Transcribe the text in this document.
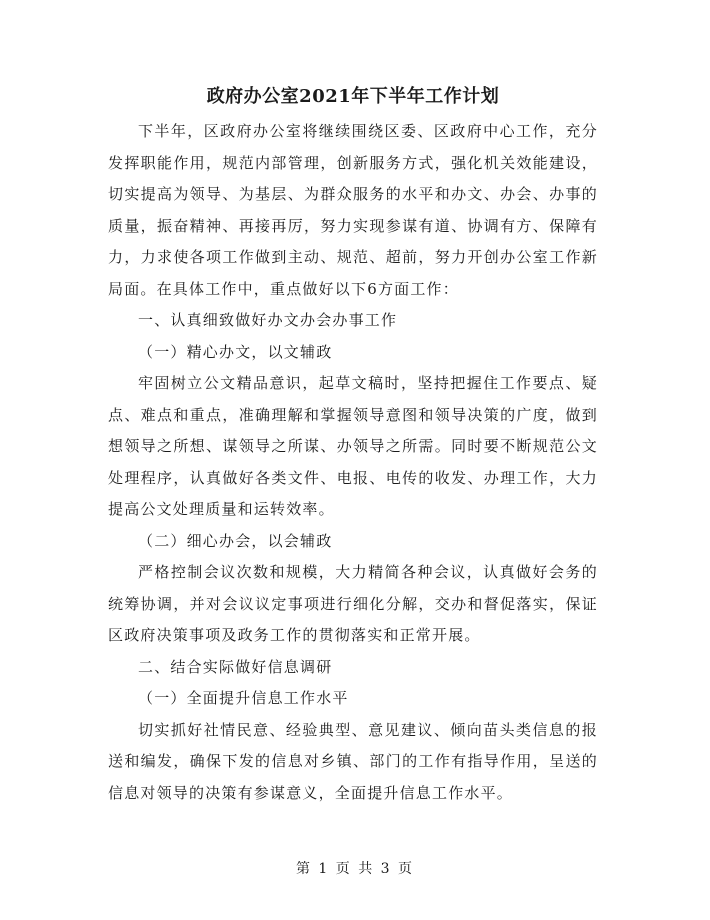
政府办公室2021年下半年工作计划

下半年，区政府办公室将继续围绕区委、区政府中心工作，充分发挥职能作用，规范内部管理，创新服务方式，强化机关效能建设，切实提高为领导、为基层、为群众服务的水平和办文、办会、办事的质量，振奋精神、再接再厉，努力实现参谋有道、协调有方、保障有力，力求使各项工作做到主动、规范、超前，努力开创办公室工作新局面。在具体工作中，重点做好以下6方面工作：

一、认真细致做好办文办会办事工作

（一）精心办文，以文辅政

牢固树立公文精品意识，起草文稿时，坚持把握住工作要点、疑点、难点和重点，准确理解和掌握领导意图和领导决策的广度，做到想领导之所想、谋领导之所谋、办领导之所需。同时要不断规范公文处理程序，认真做好各类文件、电报、电传的收发、办理工作，大力提高公文处理质量和运转效率。

（二）细心办会，以会辅政

严格控制会议次数和规模，大力精简各种会议，认真做好会务的统筹协调，并对会议议定事项进行细化分解，交办和督促落实，保证区政府决策事项及政务工作的贯彻落实和正常开展。

二、结合实际做好信息调研

（一）全面提升信息工作水平

切实抓好社情民意、经验典型、意见建议、倾向苗头类信息的报送和编发，确保下发的信息对乡镇、部门的工作有指导作用，呈送的信息对领导的决策有参谋意义，全面提升信息工作水平。

第 1 页 共 3 页
